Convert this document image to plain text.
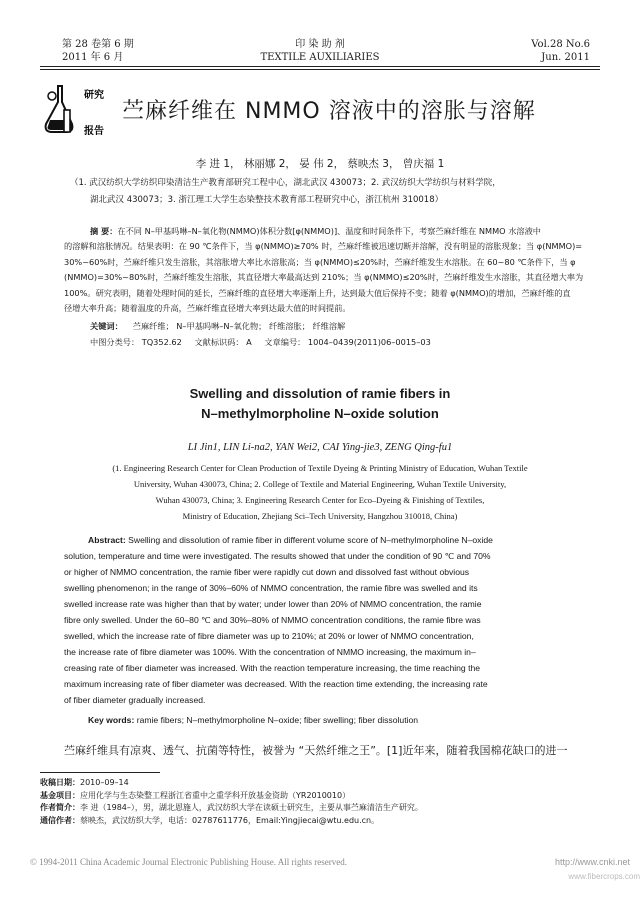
第 28 卷第 6 期
2011 年 6 月
印 染 助 剂
TEXTILE AUXILIARIES
Vol.28 No.6
Jun. 2011
研究
报告
苎麻纤维在 NMMO 溶液中的溶胀与溶解
李 进 1， 林丽娜 2， 晏 伟 2， 蔡映杰 3， 曾庆福 1
（1. 武汉纺织大学纺织印染清洁生产教育部研究工程中心，湖北武汉 430073；2. 武汉纺织大学纺织与材料学院，
湖北武汉 430073；3. 浙江理工大学生态染整技术教育部工程研究中心，浙江杭州 310018）
摘 要：在不同 N–甲基吗啉–N–氧化物(NMMO)体积分数[φ(NMMO)]、温度和时间条件下，考察苎麻纤维在 NMMO 水溶液中
的溶解和溶胀情况。结果表明：在 90 ℃条件下，当 φ(NMMO)≥70% 时，苎麻纤维被迅速切断并溶解，没有明显的溶胀现象；当 φ(NMMO)=
30%~60%时，苎麻纤维只发生溶胀，其溶胀增大率比水溶胀高；当 φ(NMMO)≤20%时，苎麻纤维发生水溶胀。在 60~80 ℃条件下，当 φ
(NMMO)=30%~80%时，苎麻纤维发生溶胀，其直径增大率最高达到 210%；当 φ(NMMO)≤20%时，苎麻纤维发生水溶胀，其直径增大率为
100%。研究表明，随着处理时间的延长，苎麻纤维的直径增大率逐渐上升，达到最大值后保持不变；随着 φ(NMMO)的增加，苎麻纤维的直
径增大率升高；随着温度的升高，苎麻纤维直径增大率到达最大值的时间提前。
关键词： 苎麻纤维； N–甲基吗啉–N–氧化物； 纤维溶胀； 纤维溶解
中图分类号： TQ352.62 文献标识码： A 文章编号： 1004–0439(2011)06–0015–03
Swelling and dissolution of ramie fibers in
N–methylmorpholine N–oxide solution
LI Jin1, LIN Li-na2, YAN Wei2, CAI Ying-jie3, ZENG Qing-fu1
(1. Engineering Research Center for Clean Production of Textile Dyeing & Printing Ministry of Education, Wuhan Textile
University, Wuhan 430073, China; 2. College of Textile and Material Engineering, Wuhan Textile University,
Wuhan 430073, China; 3. Engineering Research Center for Eco–Dyeing & Finishing of Textiles,
Ministry of Education, Zhejiang Sci–Tech University, Hangzhou 310018, China)
Abstract: Swelling and dissolution of ramie fiber in different volume score of N–methylmorpholine N–oxide
solution, temperature and time were investigated. The results showed that under the condition of 90 ℃ and 70%
or higher of NMMO concentration, the ramie fiber were rapidly cut down and dissolved fast without obvious
swelling phenomenon; in the range of 30%–60% of NMMO concentration, the ramie fibre was swelled and its
swelled increase rate was higher than that by water; under lower than 20% of NMMO concentration, the ramie
fibre only swelled. Under the 60–80 ℃ and 30%–80% of NMMO concentration conditions, the ramie fibre was
swelled, which the increase rate of fibre diameter was up to 210%; at 20% or lower of NMMO concentration,
the increase rate of fibre diameter was 100%. With the concentration of NMMO increasing, the maximum in–
creasing rate of fiber diameter was increased. With the reaction temperature increasing, the time reaching the
maximum increasing rate of fiber diameter was decreased. With the reaction time extending, the increasing rate
of fiber diameter gradually increased.
Key words: ramie fibers; N–methylmorpholine N–oxide; fiber swelling; fiber dissolution
苎麻纤维具有凉爽、透气、抗菌等特性，被誉为 “天然纤维之王”。[1]近年来，随着我国棉花缺口的进一
收稿日期：2010–09–14
基金项目：应用化学与生态染整工程浙江省重中之重学科开放基金资助（YR2010010）
作者简介：李 进（1984–），男，湖北恩施人，武汉纺织大学在读硕士研究生，主要从事苎麻清洁生产研究。
通信作者：蔡映杰，武汉纺织大学，电话：02787611776，Email:Yingjiecai@wtu.edu.cn。
© 1994-2011 China Academic Journal Electronic Publishing House. All rights reserved.	http://www.cnki.net
www.fibercrops.com
